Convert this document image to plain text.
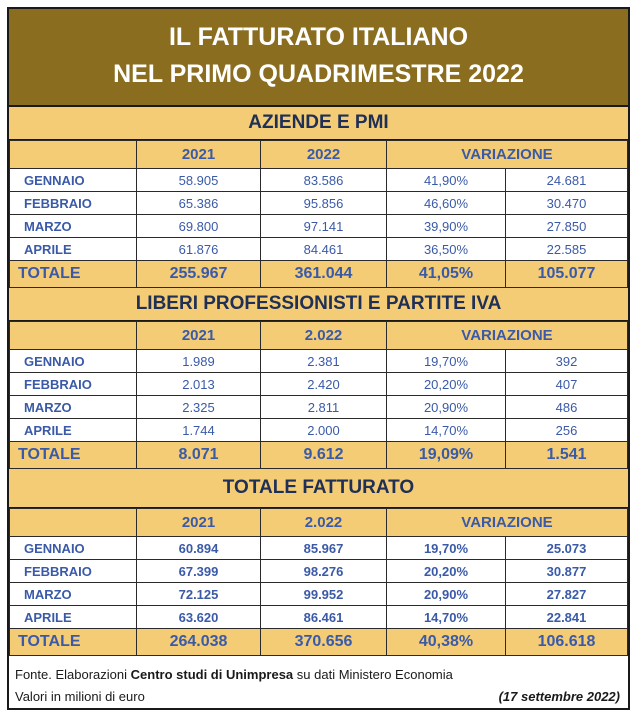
IL FATTURATO ITALIANO
NEL PRIMO QUADRIMESTRE 2022
AZIENDE E PMI
	2021	2022	VARIAZIONE	
GENNAIO	58.905	83.586	41,90%	24.681
FEBBRAIO	65.386	95.856	46,60%	30.470
MARZO	69.800	97.141	39,90%	27.850
APRILE	61.876	84.461	36,50%	22.585
TOTALE	255.967	361.044	41,05%	105.077
LIBERI PROFESSIONISTI E PARTITE IVA
	2021	2.022	VARIAZIONE	
GENNAIO	1.989	2.381	19,70%	392
FEBBRAIO	2.013	2.420	20,20%	407
MARZO	2.325	2.811	20,90%	486
APRILE	1.744	2.000	14,70%	256
TOTALE	8.071	9.612	19,09%	1.541
TOTALE FATTURATO
	2021	2.022	VARIAZIONE	
GENNAIO	60.894	85.967	19,70%	25.073
FEBBRAIO	67.399	98.276	20,20%	30.877
MARZO	72.125	99.952	20,90%	27.827
APRILE	63.620	86.461	14,70%	22.841
TOTALE	264.038	370.656	40,38%	106.618
Fonte. Elaborazioni Centro studi di Unimpresa su dati Ministero Economia
Valori in milioni di euro	(17 settembre 2022)
